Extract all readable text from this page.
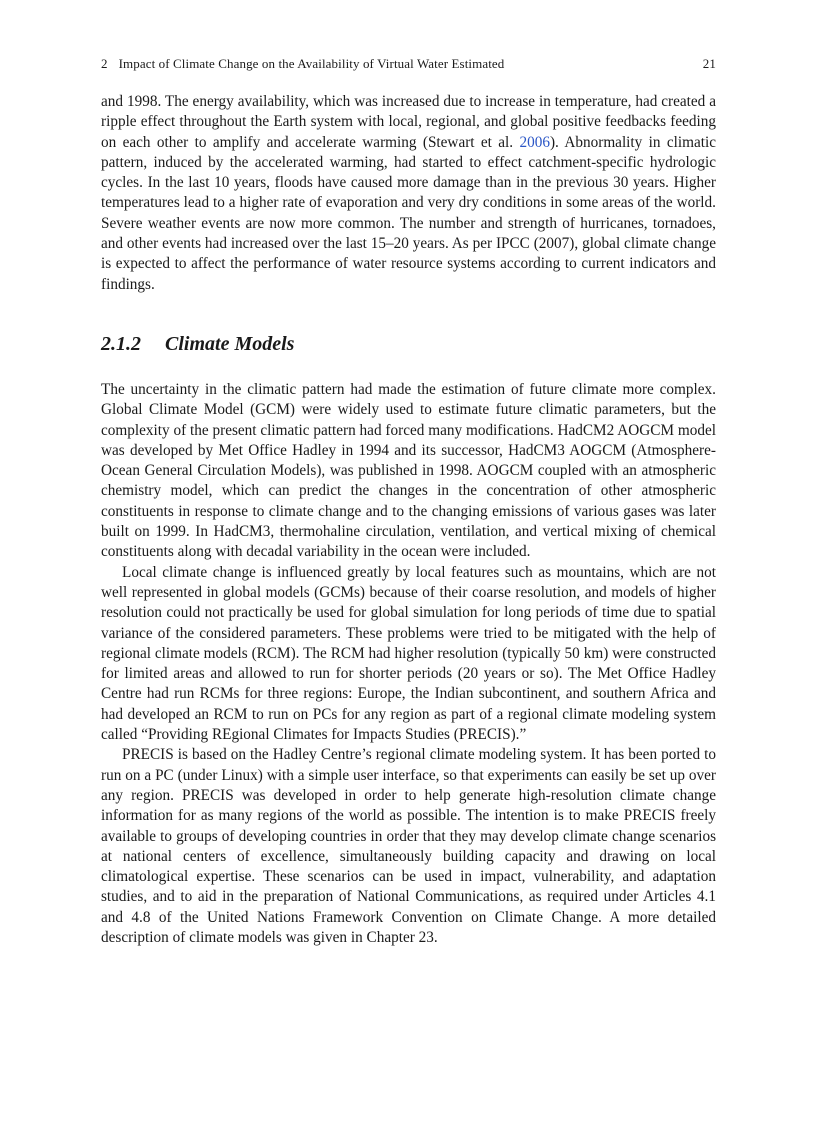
2 Impact of Climate Change on the Availability of Virtual Water Estimated	21

and 1998. The energy availability, which was increased due to increase in temperature, had created a ripple effect throughout the Earth system with local, regional, and global positive feedbacks feeding on each other to amplify and accelerate warming (Stewart et al. 2006). Abnormality in climatic pattern, induced by the accelerated warming, had started to effect catchment-specific hydrologic cycles. In the last 10 years, floods have caused more damage than in the previous 30 years. Higher temperatures lead to a higher rate of evaporation and very dry conditions in some areas of the world. Severe weather events are now more common. The number and strength of hurricanes, tornadoes, and other events had increased over the last 15–20 years. As per IPCC (2007), global climate change is expected to affect the performance of water resource systems according to current indicators and findings.

2.1.2 Climate Models

The uncertainty in the climatic pattern had made the estimation of future climate more complex. Global Climate Model (GCM) were widely used to estimate future climatic parameters, but the complexity of the present climatic pattern had forced many modifications. HadCM2 AOGCM model was developed by Met Office Hadley in 1994 and its successor, HadCM3 AOGCM (Atmosphere-Ocean General Circulation Models), was published in 1998. AOGCM coupled with an atmospheric chemistry model, which can predict the changes in the concentration of other atmospheric constituents in response to climate change and to the changing emissions of various gases was later built on 1999. In HadCM3, thermohaline circulation, ventilation, and vertical mixing of chemical constituents along with decadal variability in the ocean were included.

Local climate change is influenced greatly by local features such as mountains, which are not well represented in global models (GCMs) because of their coarse resolution, and models of higher resolution could not practically be used for global simulation for long periods of time due to spatial variance of the considered parameters. These problems were tried to be mitigated with the help of regional climate models (RCM). The RCM had higher resolution (typically 50 km) were constructed for limited areas and allowed to run for shorter periods (20 years or so). The Met Office Hadley Centre had run RCMs for three regions: Europe, the Indian subcontinent, and southern Africa and had developed an RCM to run on PCs for any region as part of a regional climate modeling system called “Providing REgional Climates for Impacts Studies (PRECIS).”

PRECIS is based on the Hadley Centre’s regional climate modeling system. It has been ported to run on a PC (under Linux) with a simple user interface, so that experiments can easily be set up over any region. PRECIS was developed in order to help generate high-resolution climate change information for as many regions of the world as possible. The intention is to make PRECIS freely available to groups of developing countries in order that they may develop climate change scenarios at national centers of excellence, simultaneously building capacity and drawing on local climatological expertise. These scenarios can be used in impact, vulnerability, and adaptation studies, and to aid in the preparation of National Communications, as required under Articles 4.1 and 4.8 of the United Nations Framework Convention on Climate Change. A more detailed description of climate models was given in Chapter 23.
